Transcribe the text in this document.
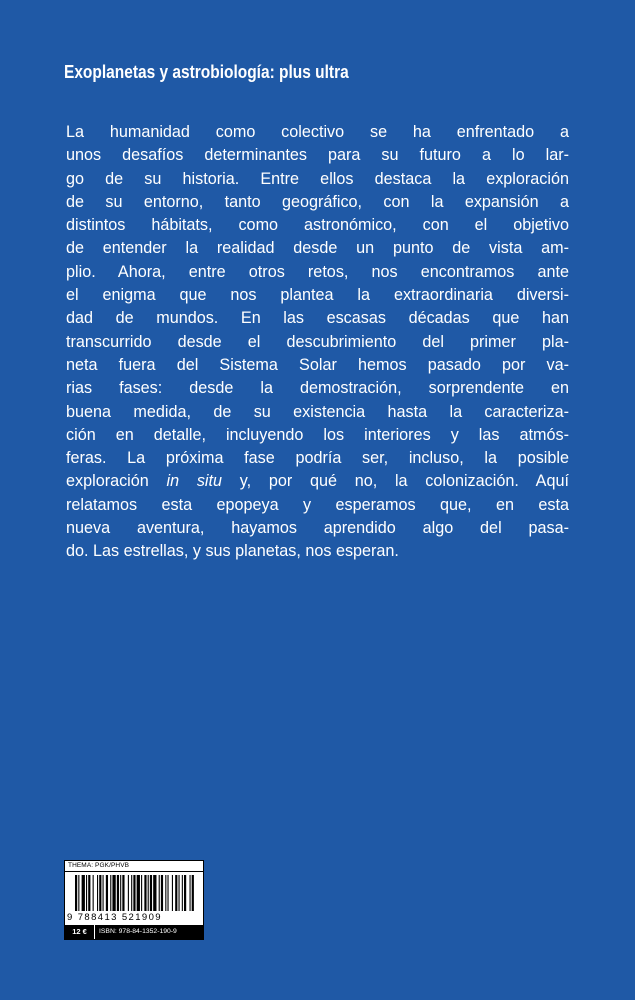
Exoplanetas y astrobiología: plus ultra
La humanidad como colectivo se ha enfrentado a
unos desafíos determinantes para su futuro a lo lar-
go de su historia. Entre ellos destaca la exploración
de su entorno, tanto geográfico, con la expansión a
distintos hábitats, como astronómico, con el objetivo
de entender la realidad desde un punto de vista am-
plio. Ahora, entre otros retos, nos encontramos ante
el enigma que nos plantea la extraordinaria diversi-
dad de mundos. En las escasas décadas que han
transcurrido desde el descubrimiento del primer pla-
neta fuera del Sistema Solar hemos pasado por va-
rias fases: desde la demostración, sorprendente en
buena medida, de su existencia hasta la caracteriza-
ción en detalle, incluyendo los interiores y las atmós-
feras. La próxima fase podría ser, incluso, la posible
exploración in situ y, por qué no, la colonización. Aquí
relatamos esta epopeya y esperamos que, en esta
nueva aventura, hayamos aprendido algo del pasa-
do. Las estrellas, y sus planetas, nos esperan.
THEMA: PGK/PHVB
9 788413 521909
12 €	ISBN: 978-84-1352-190-9
